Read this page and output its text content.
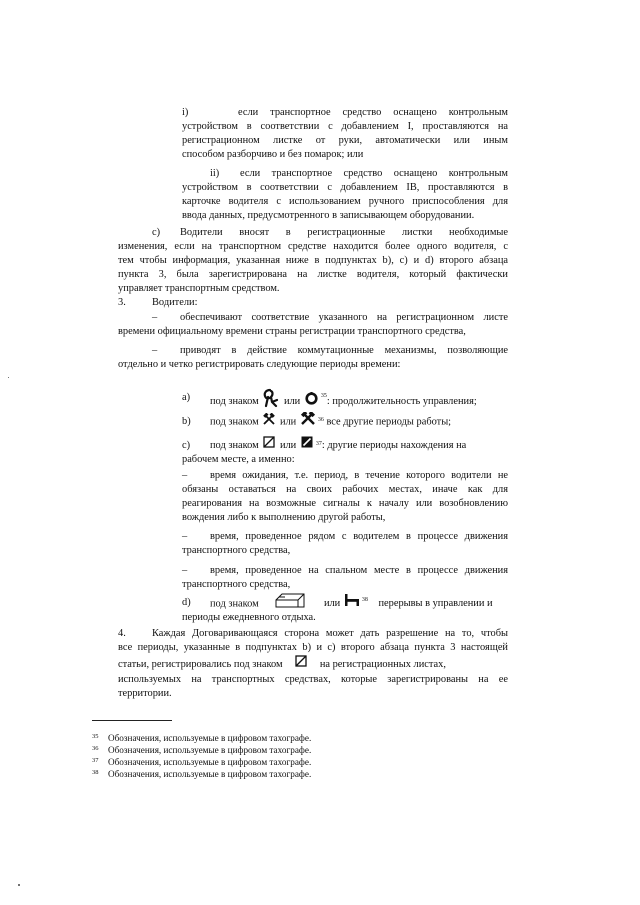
i)	если транспортное средство оснащено контрольным
устройством в соответствии с добавлением I, проставляются на
регистрационном листке от руки, автоматически или иным
способом разборчиво и без помарок; или
ii) если транспортное средство оснащено контрольным
устройством в соответствии с добавлением IB, проставляются в
карточке водителя с использованием ручного приспособления для
ввода данных, предусмотренного в записывающем оборудовании.
c) Водители вносят в регистрационные листки необходимые
изменения, если на транспортном средстве находится более одного водителя, с
тем чтобы информация, указанная ниже в подпунктах b), c) и d) второго абзаца
пункта 3, была зарегистрирована на листке водителя, который фактически
управляет транспортным средством.
3.	Водители:
– обеспечивают соответствие указанного на регистрационном листе
времени официальному времени страны регистрации транспортного средства,
– приводят в действие коммутационные механизмы, позволяющие
отдельно и четко регистрировать следующие периоды времени:
a) под знаком или	$^{35}$: продолжительность управления;
b) под знаком или	$^{36}$ все другие периоды работы;
c) под знаком или	$^{37}$: другие периоды нахождения на
рабочем месте, а именно:
– время ожидания, т.е. период, в течение которого водители не
обязаны оставаться на своих рабочих местах, иначе как для
реагирования на возможные сигналы к началу или возобновлению
вождения либо к выполнению другой работы,
– время, проведенное рядом с водителем в процессе движения
транспортного средства,
– время, проведенное на спальном месте в процессе движения
транспортного средства,
d) под знаком	или	$^{38}$ перерывы в управлении и
периоды ежедневного отдыха.
4.	Каждая Договаривающаяся сторона может дать разрешение на то, чтобы
все периоды, указанные в подпунктах b) и c) второго абзаца пункта 3 настоящей
статьи, регистрировались под знаком	на регистрационных листах,
используемых на транспортных средствах, которые зарегистрированы на ее
территории.
35 Обозначения, используемые в цифровом тахографе.
36 Обозначения, используемые в цифровом тахографе.
37 Обозначения, используемые в цифровом тахографе.
38 Обозначения, используемые в цифровом тахографе.
